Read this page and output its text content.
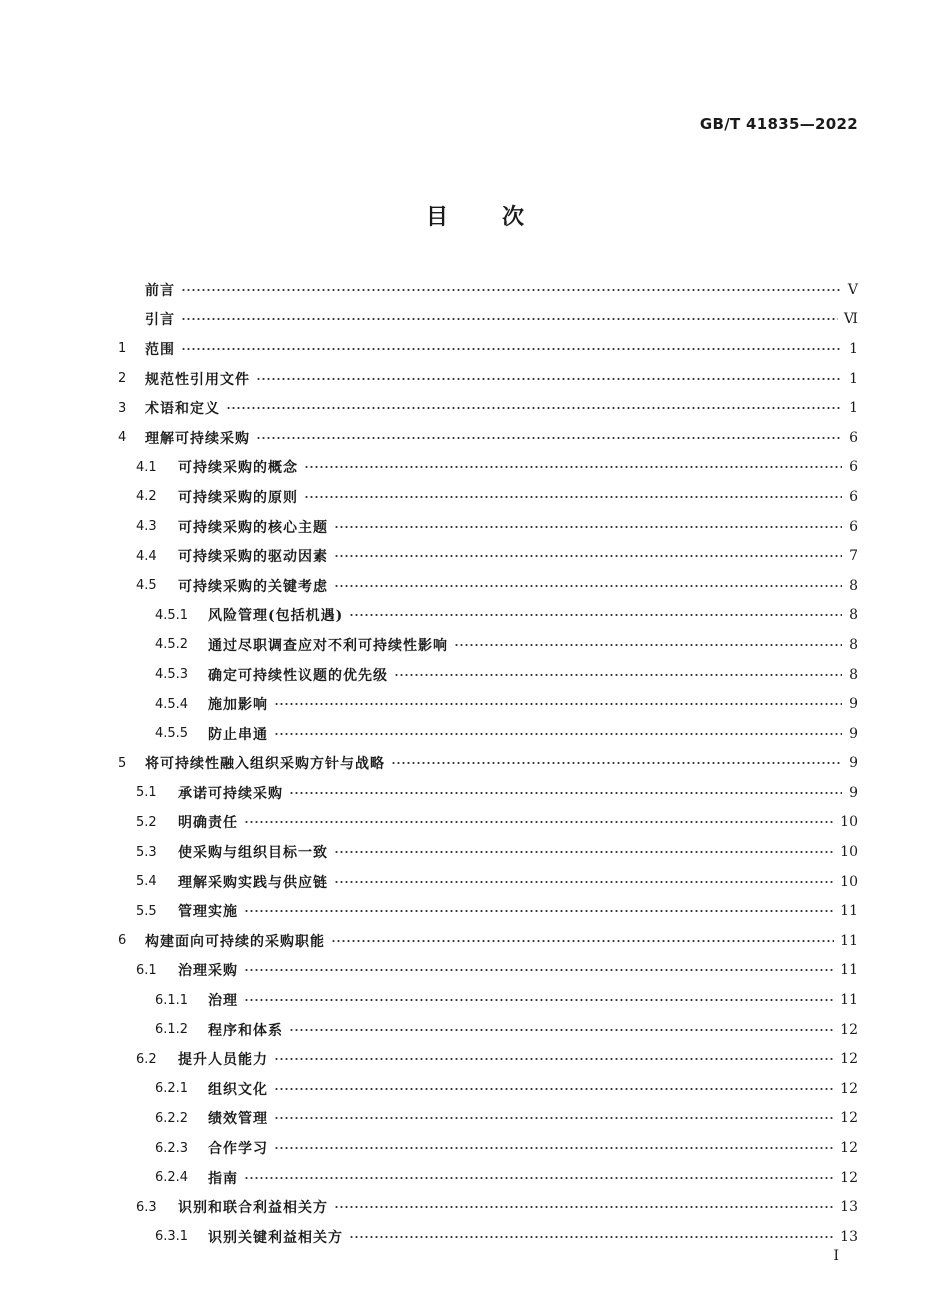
GB/T 41835—2022
目次
前言	Ⅴ
引言	Ⅵ
1	范围	1
2	规范性引用文件	1
3	术语和定义	1
4	理解可持续采购	6
4.1	可持续采购的概念	6
4.2	可持续采购的原则	6
4.3	可持续采购的核心主题	6
4.4	可持续采购的驱动因素	7
4.5	可持续采购的关键考虑	8
4.5.1	风险管理(包括机遇)	8
4.5.2	通过尽职调查应对不利可持续性影响	8
4.5.3	确定可持续性议题的优先级	8
4.5.4	施加影响	9
4.5.5	防止串通	9
5	将可持续性融入组织采购方针与战略	9
5.1	承诺可持续采购	9
5.2	明确责任	10
5.3	使采购与组织目标一致	10
5.4	理解采购实践与供应链	10
5.5	管理实施	11
6	构建面向可持续的采购职能	11
6.1	治理采购	11
6.1.1	治理	11
6.1.2	程序和体系	12
6.2	提升人员能力	12
6.2.1	组织文化	12
6.2.2	绩效管理	12
6.2.3	合作学习	12
6.2.4	指南	12
6.3	识别和联合利益相关方	13
6.3.1	识别关键利益相关方	13
I
